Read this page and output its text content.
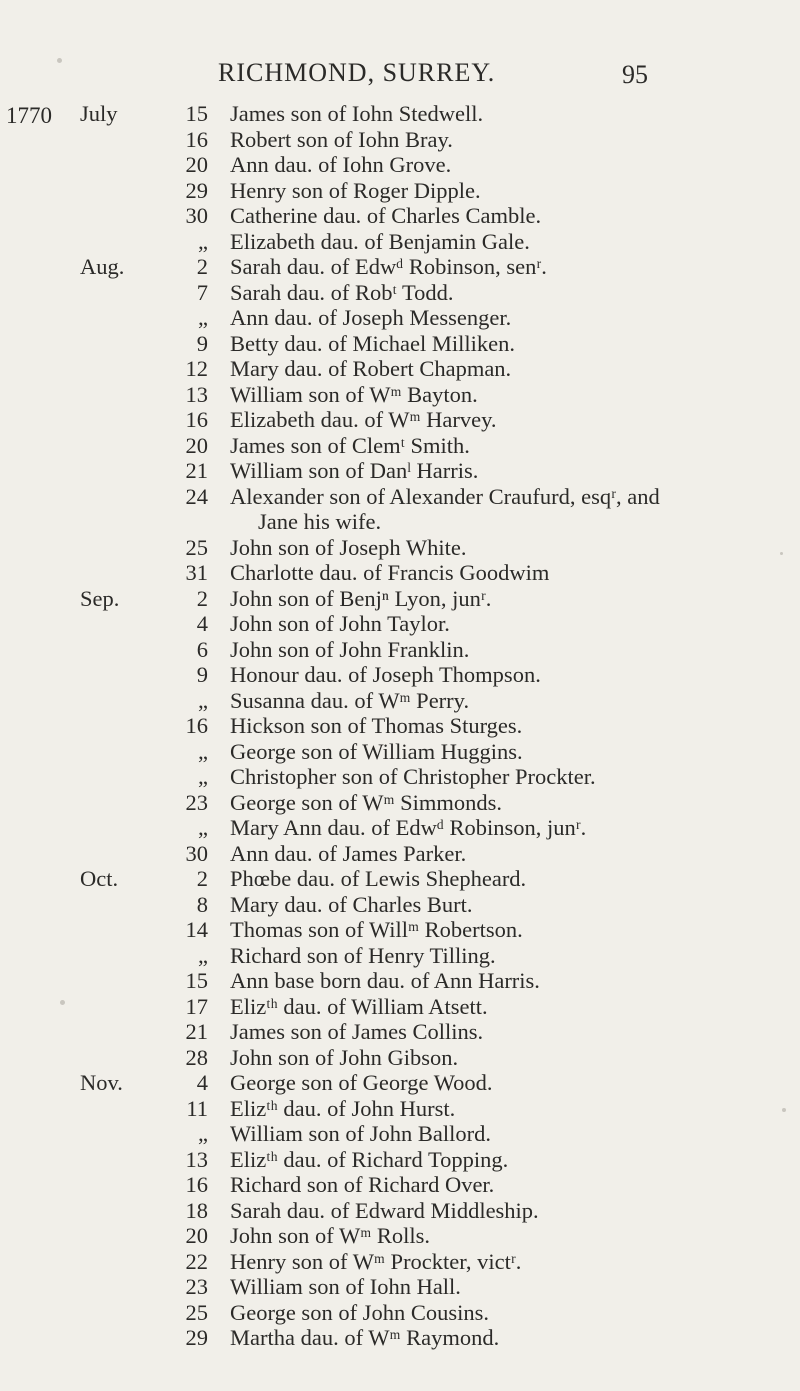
RICHMOND, SURREY.	95
1770 July	15 James son of Iohn Stedwell.
16 Robert son of Iohn Bray.
20 Ann dau. of Iohn Grove.
29 Henry son of Roger Dipple.
30 Catherine dau. of Charles Camble.
„ Elizabeth dau. of Benjamin Gale.
Aug.	2 Sarah dau. of Edwᵈ Robinson, senʳ.
7 Sarah dau. of Robᵗ Todd.
„ Ann dau. of Joseph Messenger.
9 Betty dau. of Michael Milliken.
12 Mary dau. of Robert Chapman.
13 William son of Wᵐ Bayton.
16 Elizabeth dau. of Wᵐ Harvey.
20 James son of Clemᵗ Smith.
21 William son of Danˡ Harris.
24 Alexander son of Alexander Craufurd, esqʳ, and
Jane his wife.
25 John son of Joseph White.
31 Charlotte dau. of Francis Goodwim
Sep.	2 John son of Benjⁿ Lyon, junʳ.
4 John son of John Taylor.
6 John son of John Franklin.
9 Honour dau. of Joseph Thompson.
„ Susanna dau. of Wᵐ Perry.
16 Hickson son of Thomas Sturges.
„ George son of William Huggins.
„ Christopher son of Christopher Prockter.
23 George son of Wᵐ Simmonds.
„ Mary Ann dau. of Edwᵈ Robinson, junʳ.
30 Ann dau. of James Parker.
Oct.	2 Phœbe dau. of Lewis Shepheard.
8 Mary dau. of Charles Burt.
14 Thomas son of Willᵐ Robertson.
„ Richard son of Henry Tilling.
15 Ann base born dau. of Ann Harris.
17 Elizᵗʰ dau. of William Atsett.
21 James son of James Collins.
28 John son of John Gibson.
Nov.	4 George son of George Wood.
11 Elizᵗʰ dau. of John Hurst.
„ William son of John Ballord.
13 Elizᵗʰ dau. of Richard Topping.
16 Richard son of Richard Over.
18 Sarah dau. of Edward Middleship.
20 John son of Wᵐ Rolls.
22 Henry son of Wᵐ Prockter, victʳ.
23 William son of Iohn Hall.
25 George son of John Cousins.
29 Martha dau. of Wᵐ Raymond.
